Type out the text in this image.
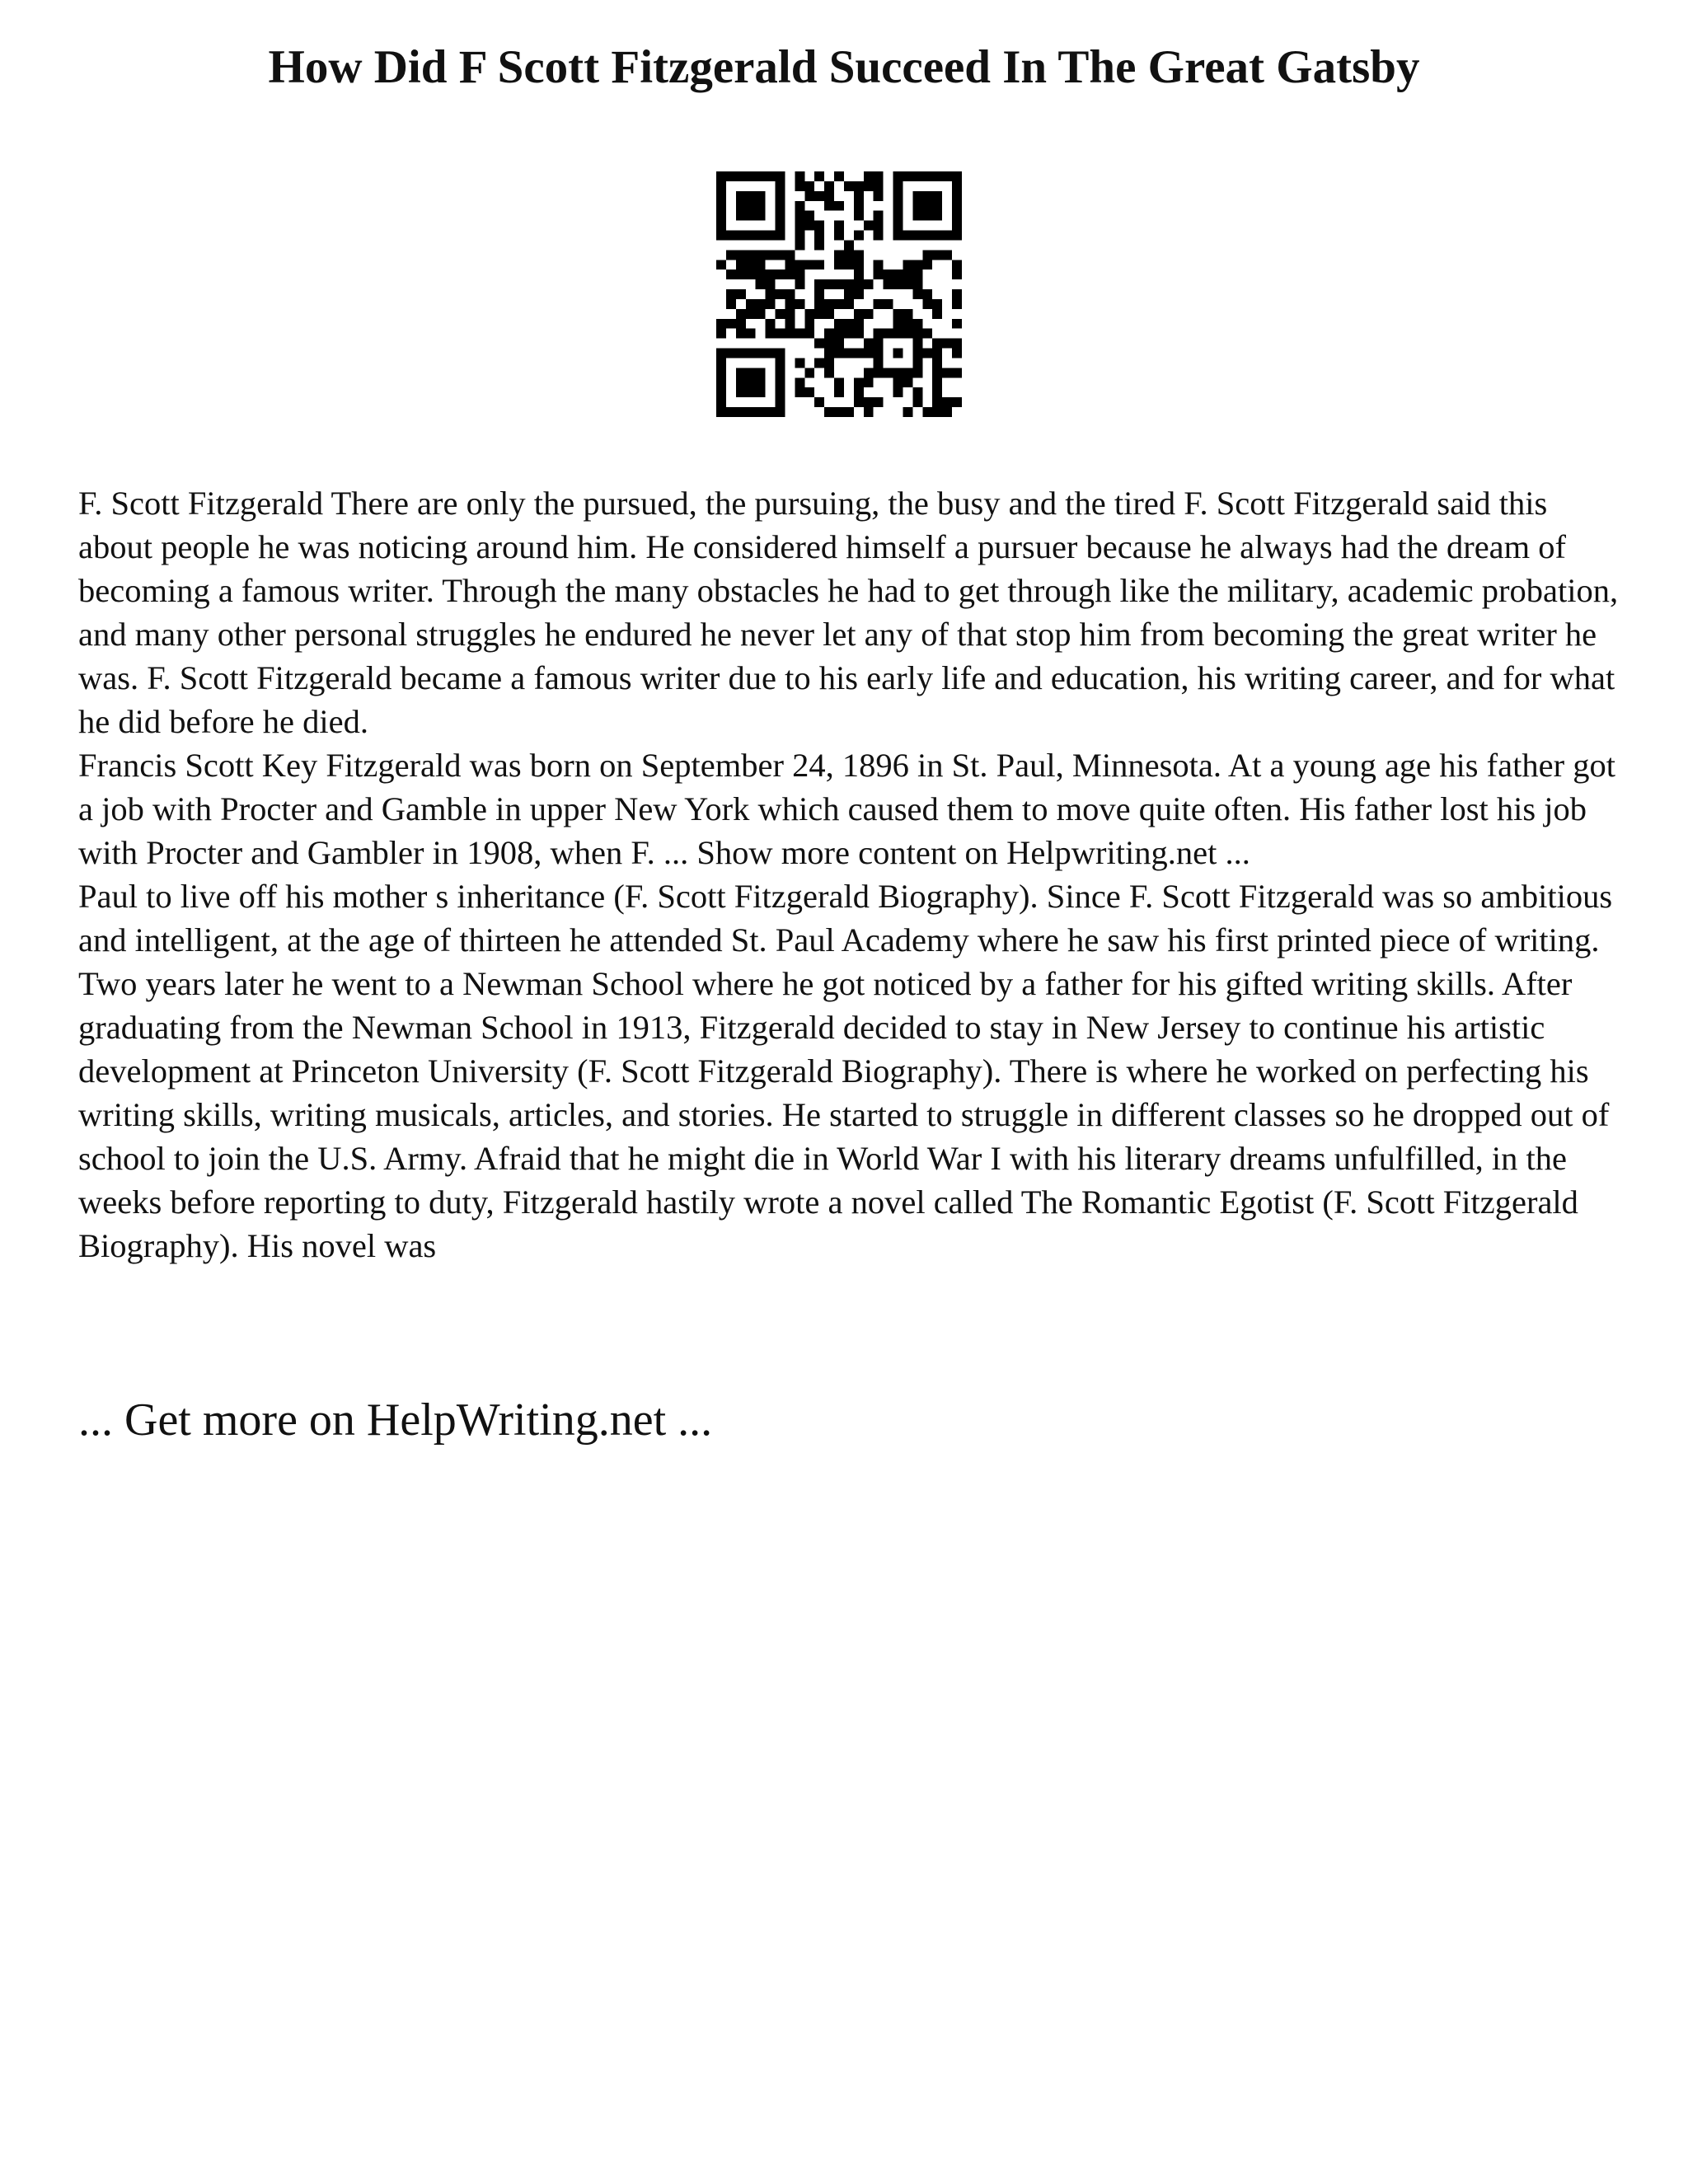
How Did F Scott Fitzgerald Succeed In The Great Gatsby

F. Scott Fitzgerald There are only the pursued, the pursuing, the busy and the tired F. Scott Fitzgerald said this about people he was noticing around him. He considered himself a pursuer because he always had the dream of becoming a famous writer. Through the many obstacles he had to get through like the military, academic probation, and many other personal struggles he endured he never let any of that stop him from becoming the great writer he was. F. Scott Fitzgerald became a famous writer due to his early life and education, his writing career, and for what he did before he died.

Francis Scott Key Fitzgerald was born on September 24, 1896 in St. Paul, Minnesota. At a young age his father got a job with Procter and Gamble in upper New York which caused them to move quite often. His father lost his job with Procter and Gambler in 1908, when F. ... Show more content on Helpwriting.net ...

Paul to live off his mother s inheritance (F. Scott Fitzgerald Biography). Since F. Scott Fitzgerald was so ambitious and intelligent, at the age of thirteen he attended St. Paul Academy where he saw his first printed piece of writing. Two years later he went to a Newman School where he got noticed by a father for his gifted writing skills. After graduating from the Newman School in 1913, Fitzgerald decided to stay in New Jersey to continue his artistic development at Princeton University (F. Scott Fitzgerald Biography). There is where he worked on perfecting his writing skills, writing musicals, articles, and stories. He started to struggle in different classes so he dropped out of school to join the U.S. Army. Afraid that he might die in World War I with his literary dreams unfulfilled, in the weeks before reporting to duty, Fitzgerald hastily wrote a novel called The Romantic Egotist (F. Scott Fitzgerald Biography). His novel was

... Get more on HelpWriting.net ...
